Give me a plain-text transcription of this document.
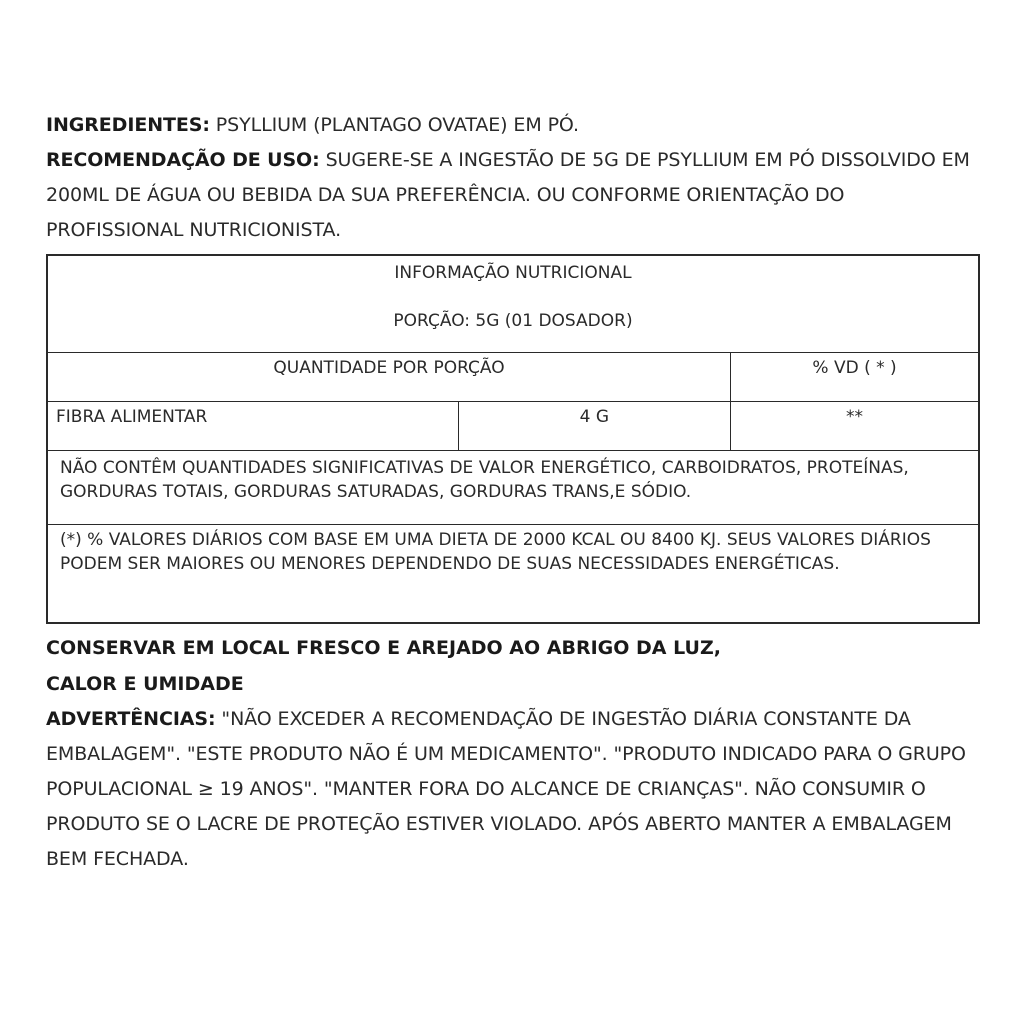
INGREDIENTES: PSYLLIUM (PLANTAGO OVATAE) EM PÓ.

RECOMENDAÇÃO DE USO: SUGERE-SE A INGESTÃO DE 5G DE PSYLLIUM EM PÓ DISSOLVIDO EM 200ML DE ÁGUA OU BEBIDA DA SUA PREFERÊNCIA. OU CONFORME ORIENTAÇÃO DO PROFISSIONAL NUTRICIONISTA.

INFORMAÇÃO NUTRICIONAL
PORÇÃO: 5G (01 DOSADOR)		

QUANTIDADE POR PORÇÃO		% VD ( * )
FIBRA ALIMENTAR	4 G	**
NÃO CONTÊM QUANTIDADES SIGNIFICATIVAS DE VALOR ENERGÉTICO, CARBOIDRATOS, PROTEÍNAS, GORDURAS TOTAIS, GORDURAS SATURADAS, GORDURAS TRANS,E SÓDIO.		
(*) % VALORES DIÁRIOS COM BASE EM UMA DIETA DE 2000 KCAL OU 8400 KJ. SEUS VALORES DIÁRIOS PODEM SER MAIORES OU MENORES DEPENDENDO DE SUAS NECESSIDADES ENERGÉTICAS.		

CONSERVAR EM LOCAL FRESCO E AREJADO AO ABRIGO DA LUZ,

CALOR E UMIDADE

ADVERTÊNCIAS: "NÃO EXCEDER A RECOMENDAÇÃO DE INGESTÃO DIÁRIA CONSTANTE DA EMBALAGEM". "ESTE PRODUTO NÃO É UM MEDICAMENTO". "PRODUTO INDICADO PARA O GRUPO POPULACIONAL ≥ 19 ANOS". "MANTER FORA DO ALCANCE DE CRIANÇAS". NÃO CONSUMIR O PRODUTO SE O LACRE DE PROTEÇÃO ESTIVER VIOLADO. APÓS ABERTO MANTER A EMBALAGEM BEM FECHADA.
